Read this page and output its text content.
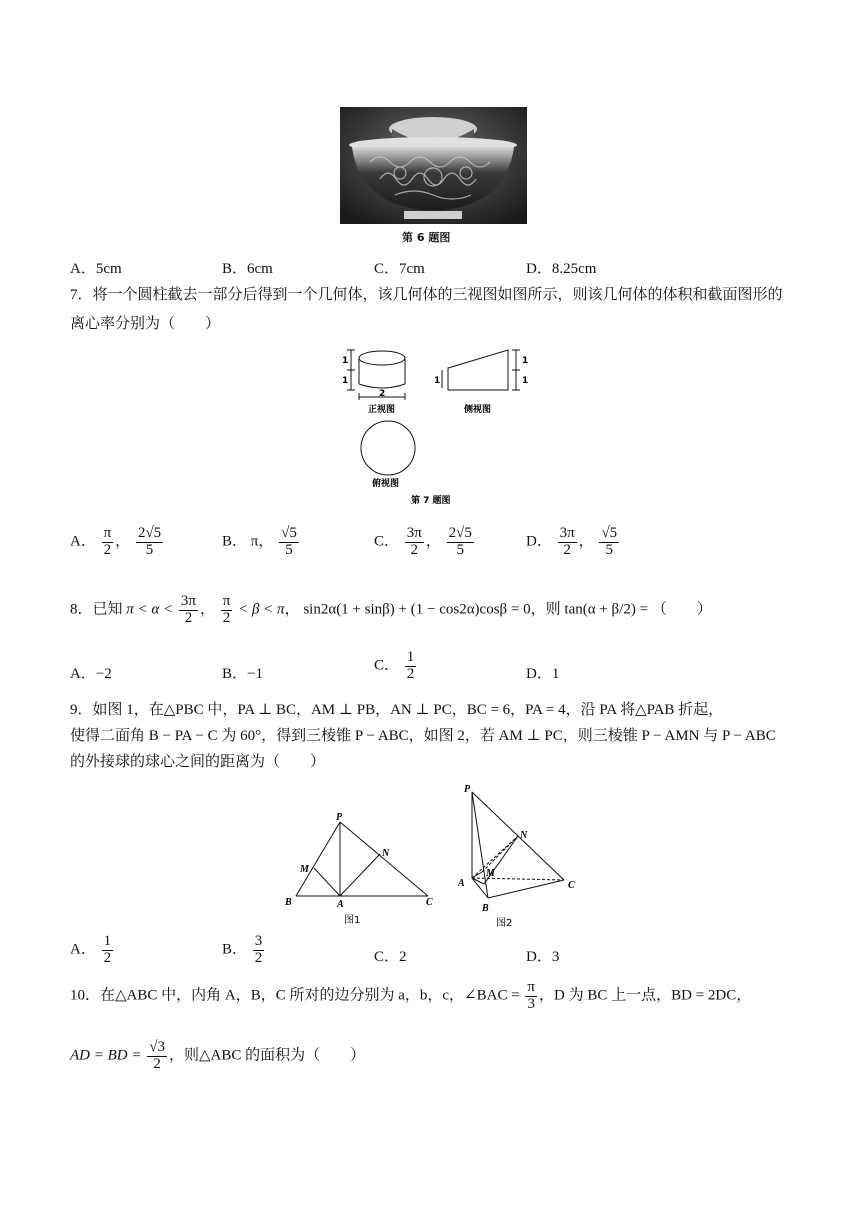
第 6 题图
A．5cm	B．6cm	C．7cm	D．8.25cm
7．将一个圆柱截去一部分后得到一个几何体，该几何体的三视图如图所示，则该几何体的体积和截面图形的
离心率分别为（　　）
1
1
2
正视图
1
1
1
侧视图
俯视图
第 7 题图
A． $\frac{\pi}{2}$ ， $\frac{2√5}{5}$	B． π， $\frac{√5}{5}$	C． $\frac{3\pi}{2}$ ， $\frac{2√5}{5}$	D． $\frac{3\pi}{2}$ ， $\frac{√5}{5}$
8．已知 $\pi < \alpha < \frac{3\pi}{2}$ ， $\frac{\pi}{2} < \beta < \pi$， sin2α(1 + sinβ) + (1 − cos2α)cosβ = 0，则 tan(α + β/2) = （　　）
A．−2	B．−1
C． $\frac{1}{2}$	D．1
9．如图 1，在△PBC 中，PA ⊥ BC，AM ⊥ PB，AN ⊥ PC，BC = 6，PA = 4，沿 PA 将△PAB 折起，
使得二面角 B − PA − C 为 60°，得到三棱锥 P − ABC，如图 2，若 AM ⊥ PC，则三棱锥 P − AMN 与 P − ABC
的外接球的球心之间的距离为（　　）
P
M
N
A
B	C
图1
P
N
M
A
B
C
图2
A． $\frac{1}{2}$	B． $\frac{3}{2}$	C．2	D．3
10．在△ABC 中，内角 A，B，C 所对的边分别为 a，b，c，∠BAC = $\frac{\pi}{3}$ ，D 为 BC 上一点，BD = 2DC，
AD = BD = $\frac{√3}{2}$ ，则△ABC 的面积为（　　）
